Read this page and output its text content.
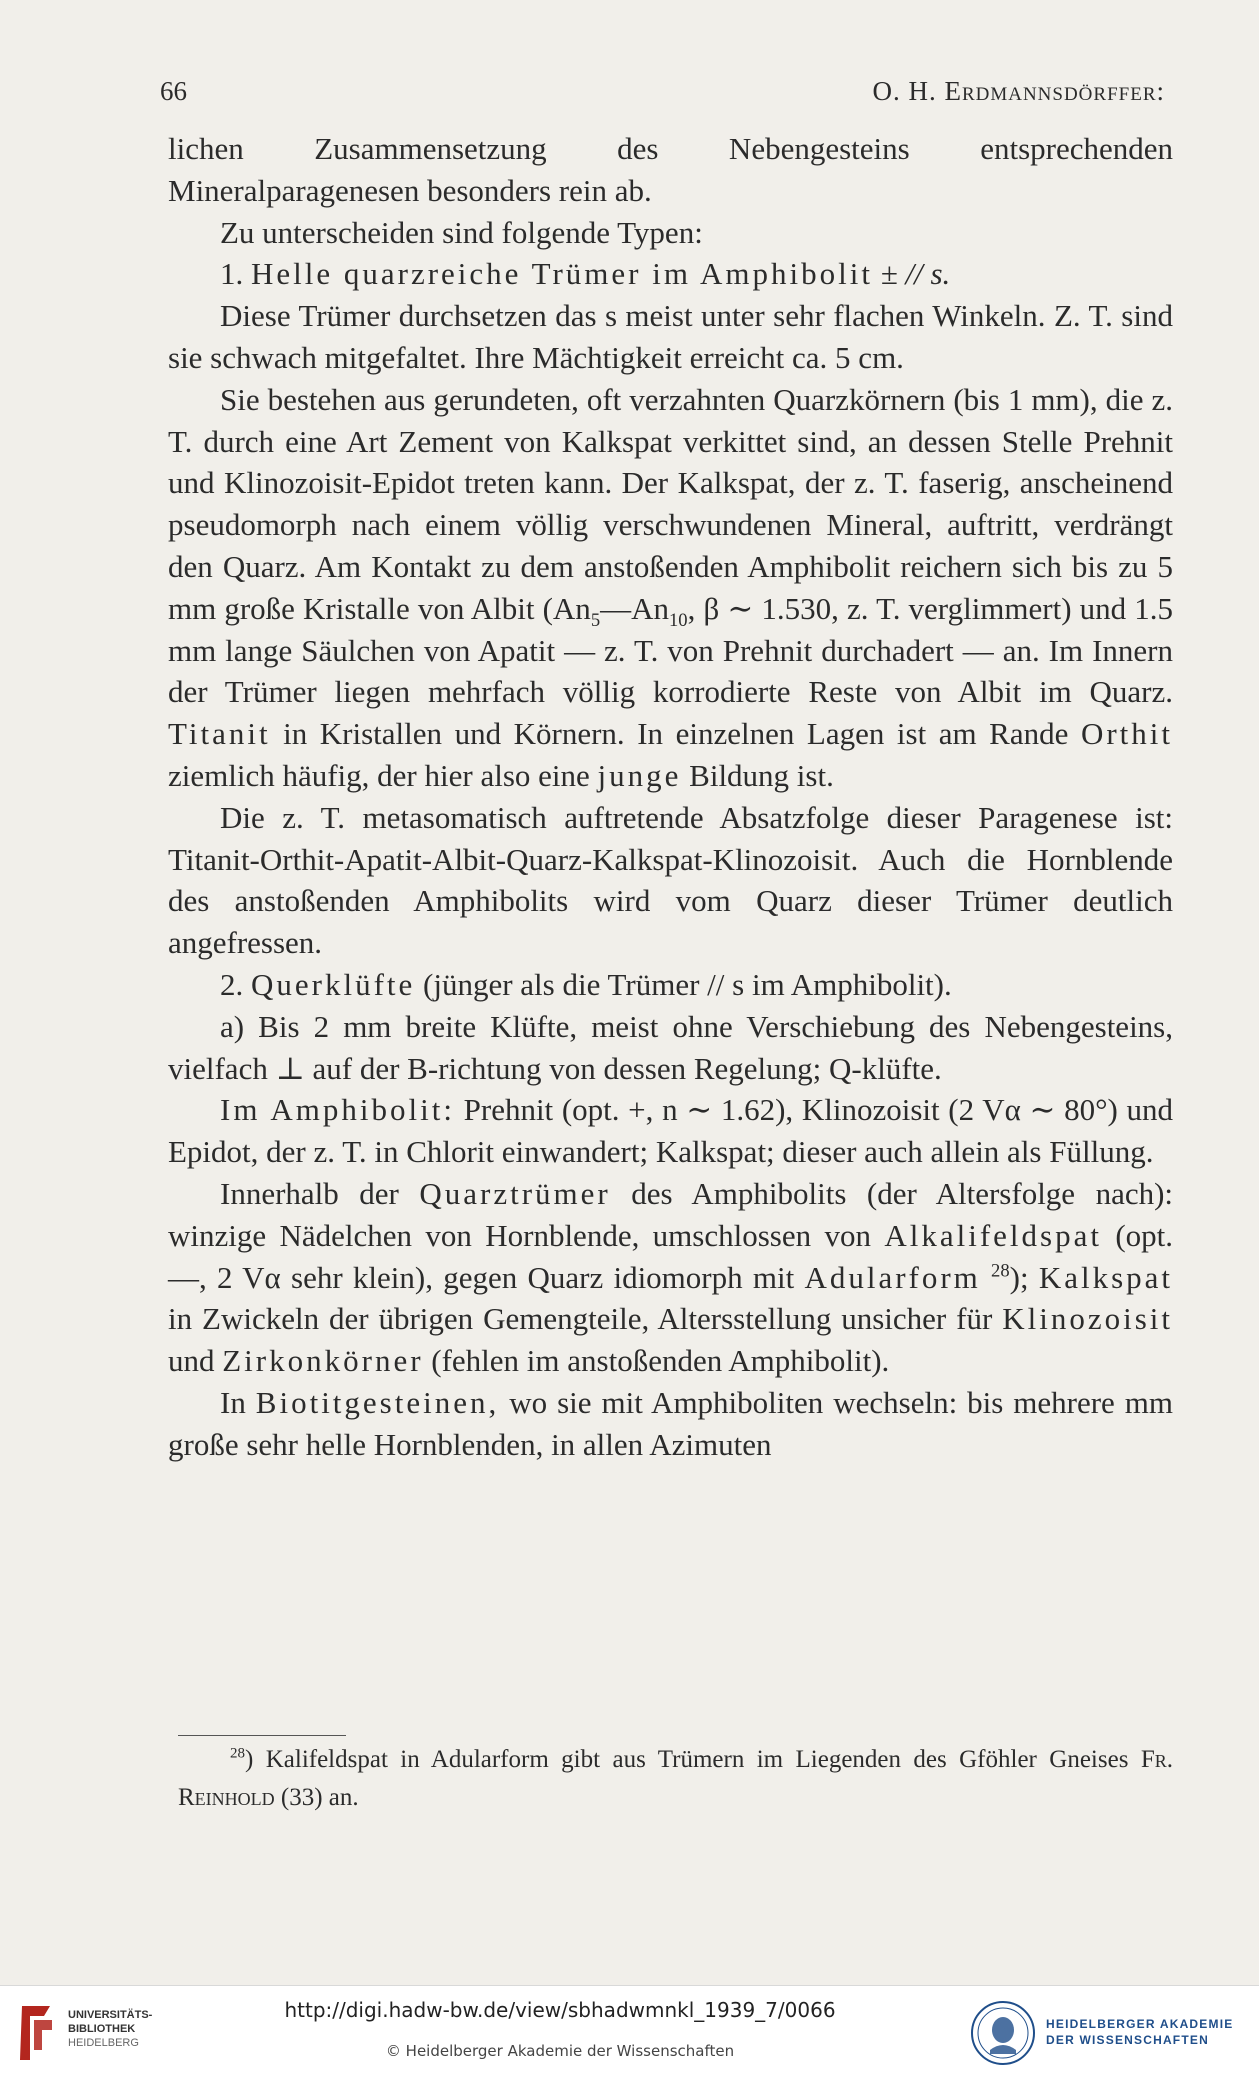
66	O. H. Erdmannsdörffer:

lichen Zusammensetzung des Nebengesteins entsprechenden Mineralparagenesen besonders rein ab.

Zu unterscheiden sind folgende Typen:

1. Helle quarzreiche Trümer im Amphibolit ± // s.

Diese Trümer durchsetzen das s meist unter sehr flachen Winkeln. Z. T. sind sie schwach mitgefaltet. Ihre Mächtigkeit erreicht ca. 5 cm.

Sie bestehen aus gerundeten, oft verzahnten Quarzkörnern (bis 1 mm), die z. T. durch eine Art Zement von Kalkspat verkittet sind, an dessen Stelle Prehnit und Klinozoisit-Epidot treten kann. Der Kalkspat, der z. T. faserig, anscheinend pseudomorph nach einem völlig verschwundenen Mineral, auftritt, verdrängt den Quarz. Am Kontakt zu dem anstoßenden Amphibolit reichern sich bis zu 5 mm große Kristalle von Albit ($An_5—An_{10}$, β ∼ 1.530, z. T. verglimmert) und 1.5 mm lange Säulchen von Apatit — z. T. von Prehnit durchadert — an. Im Innern der Trümer liegen mehrfach völlig korrodierte Reste von Albit im Quarz. Titanit in Kristallen und Körnern. In einzelnen Lagen ist am Rande Orthit ziemlich häufig, der hier also eine junge Bildung ist.

Die z. T. metasomatisch auftretende Absatzfolge dieser Paragenese ist: Titanit-Orthit-Apatit-Albit-Quarz-Kalkspat-Klinozoisit. Auch die Hornblende des anstoßenden Amphibolits wird vom Quarz dieser Trümer deutlich angefressen.

2. Querklüfte (jünger als die Trümer // s im Amphibolit).

a) Bis 2 mm breite Klüfte, meist ohne Verschiebung des Nebengesteins, vielfach ⊥ auf der B-richtung von dessen Regelung; Q-klüfte.

Im Amphibolit: Prehnit (opt. +, n ∼ 1.62), Klinozoisit (2 Vα ∼ 80°) und Epidot, der z. T. in Chlorit einwandert; Kalkspat; dieser auch allein als Füllung.

Innerhalb der Quarztrümer des Amphibolits (der Altersfolge nach): winzige Nädelchen von Hornblende, umschlossen von Alkalifeldspat (opt. —, 2 Vα sehr klein), gegen Quarz idiomorph mit Adularform $^{28}$); Kalkspat in Zwickeln der übrigen Gemengteile, Altersstellung unsicher für Klinozoisit und Zirkonkörner (fehlen im anstoßenden Amphibolit).

In Biotitgesteinen, wo sie mit Amphiboliten wechseln: bis mehrere mm große sehr helle Hornblenden, in allen Azimuten

$^{28}$) Kalifeldspat in Adularform gibt aus Trümern im Liegenden des Gföhler Gneises Fr. Reinhold (33) an.

UNIVERSITÄTS-
BIBLIOTHEK
HEIDELBERG
http://digi.hadw-bw.de/view/sbhadwmnkl_1939_7/0066
© Heidelberger Akademie der Wissenschaften
HEIDELBERGER AKADEMIE
DER WISSENSCHAFTEN
